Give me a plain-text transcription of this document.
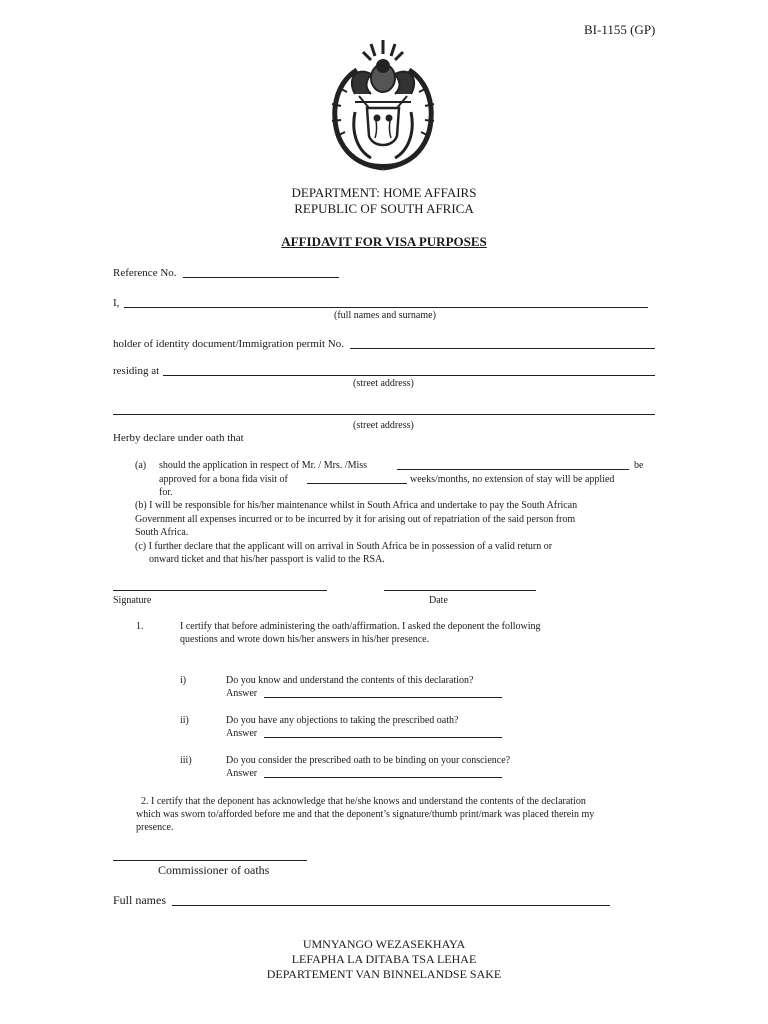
BI-1155 (GP)
DEPARTMENT: HOME AFFAIRS
REPUBLIC OF SOUTH AFRICA
AFFIDAVIT FOR VISA PURPOSES
Reference No.
I,
(full names and surname)
holder of identity document/Immigration permit No.
residing at
(street address)
(street address)
Herby declare under oath that
(a) should the application in respect of Mr. / Mrs. /Miss	be
approved for a bona fida visit of	weeks/months, no extension of stay will be applied
for.
(b) I will be responsible for his/her maintenance whilst in South Africa and undertake to pay the South African
Government all expenses incurred or to be incurred by it for arising out of repatriation of the said person from
South Africa.
(c) I further declare that the applicant will on arrival in South Africa be in possession of a valid return or
onward ticket and that his/her passport is valid to the RSA.
Signature	Date
1.	I certify that before administering the oath/affirmation. I asked the deponent the following
questions and wrote down his/her answers in his/her presence.
i)	Do you know and understand the contents of this declaration?
Answer
ii)	Do you have any objections to taking the prescribed oath?
Answer
iii)	Do you consider the prescribed oath to be binding on your conscience?
Answer
2. I certify that the deponent has acknowledge that he/she knows and understand the contents of the declaration
which was sworn to/afforded before me and that the deponent’s signature/thumb print/mark was placed therein my
presence.
Commissioner of oaths
Full names
UMNYANGO WEZASEKHAYA
LEFAPHA LA DITABA TSA LEHAE
DEPARTEMENT VAN BINNELANDSE SAKE
